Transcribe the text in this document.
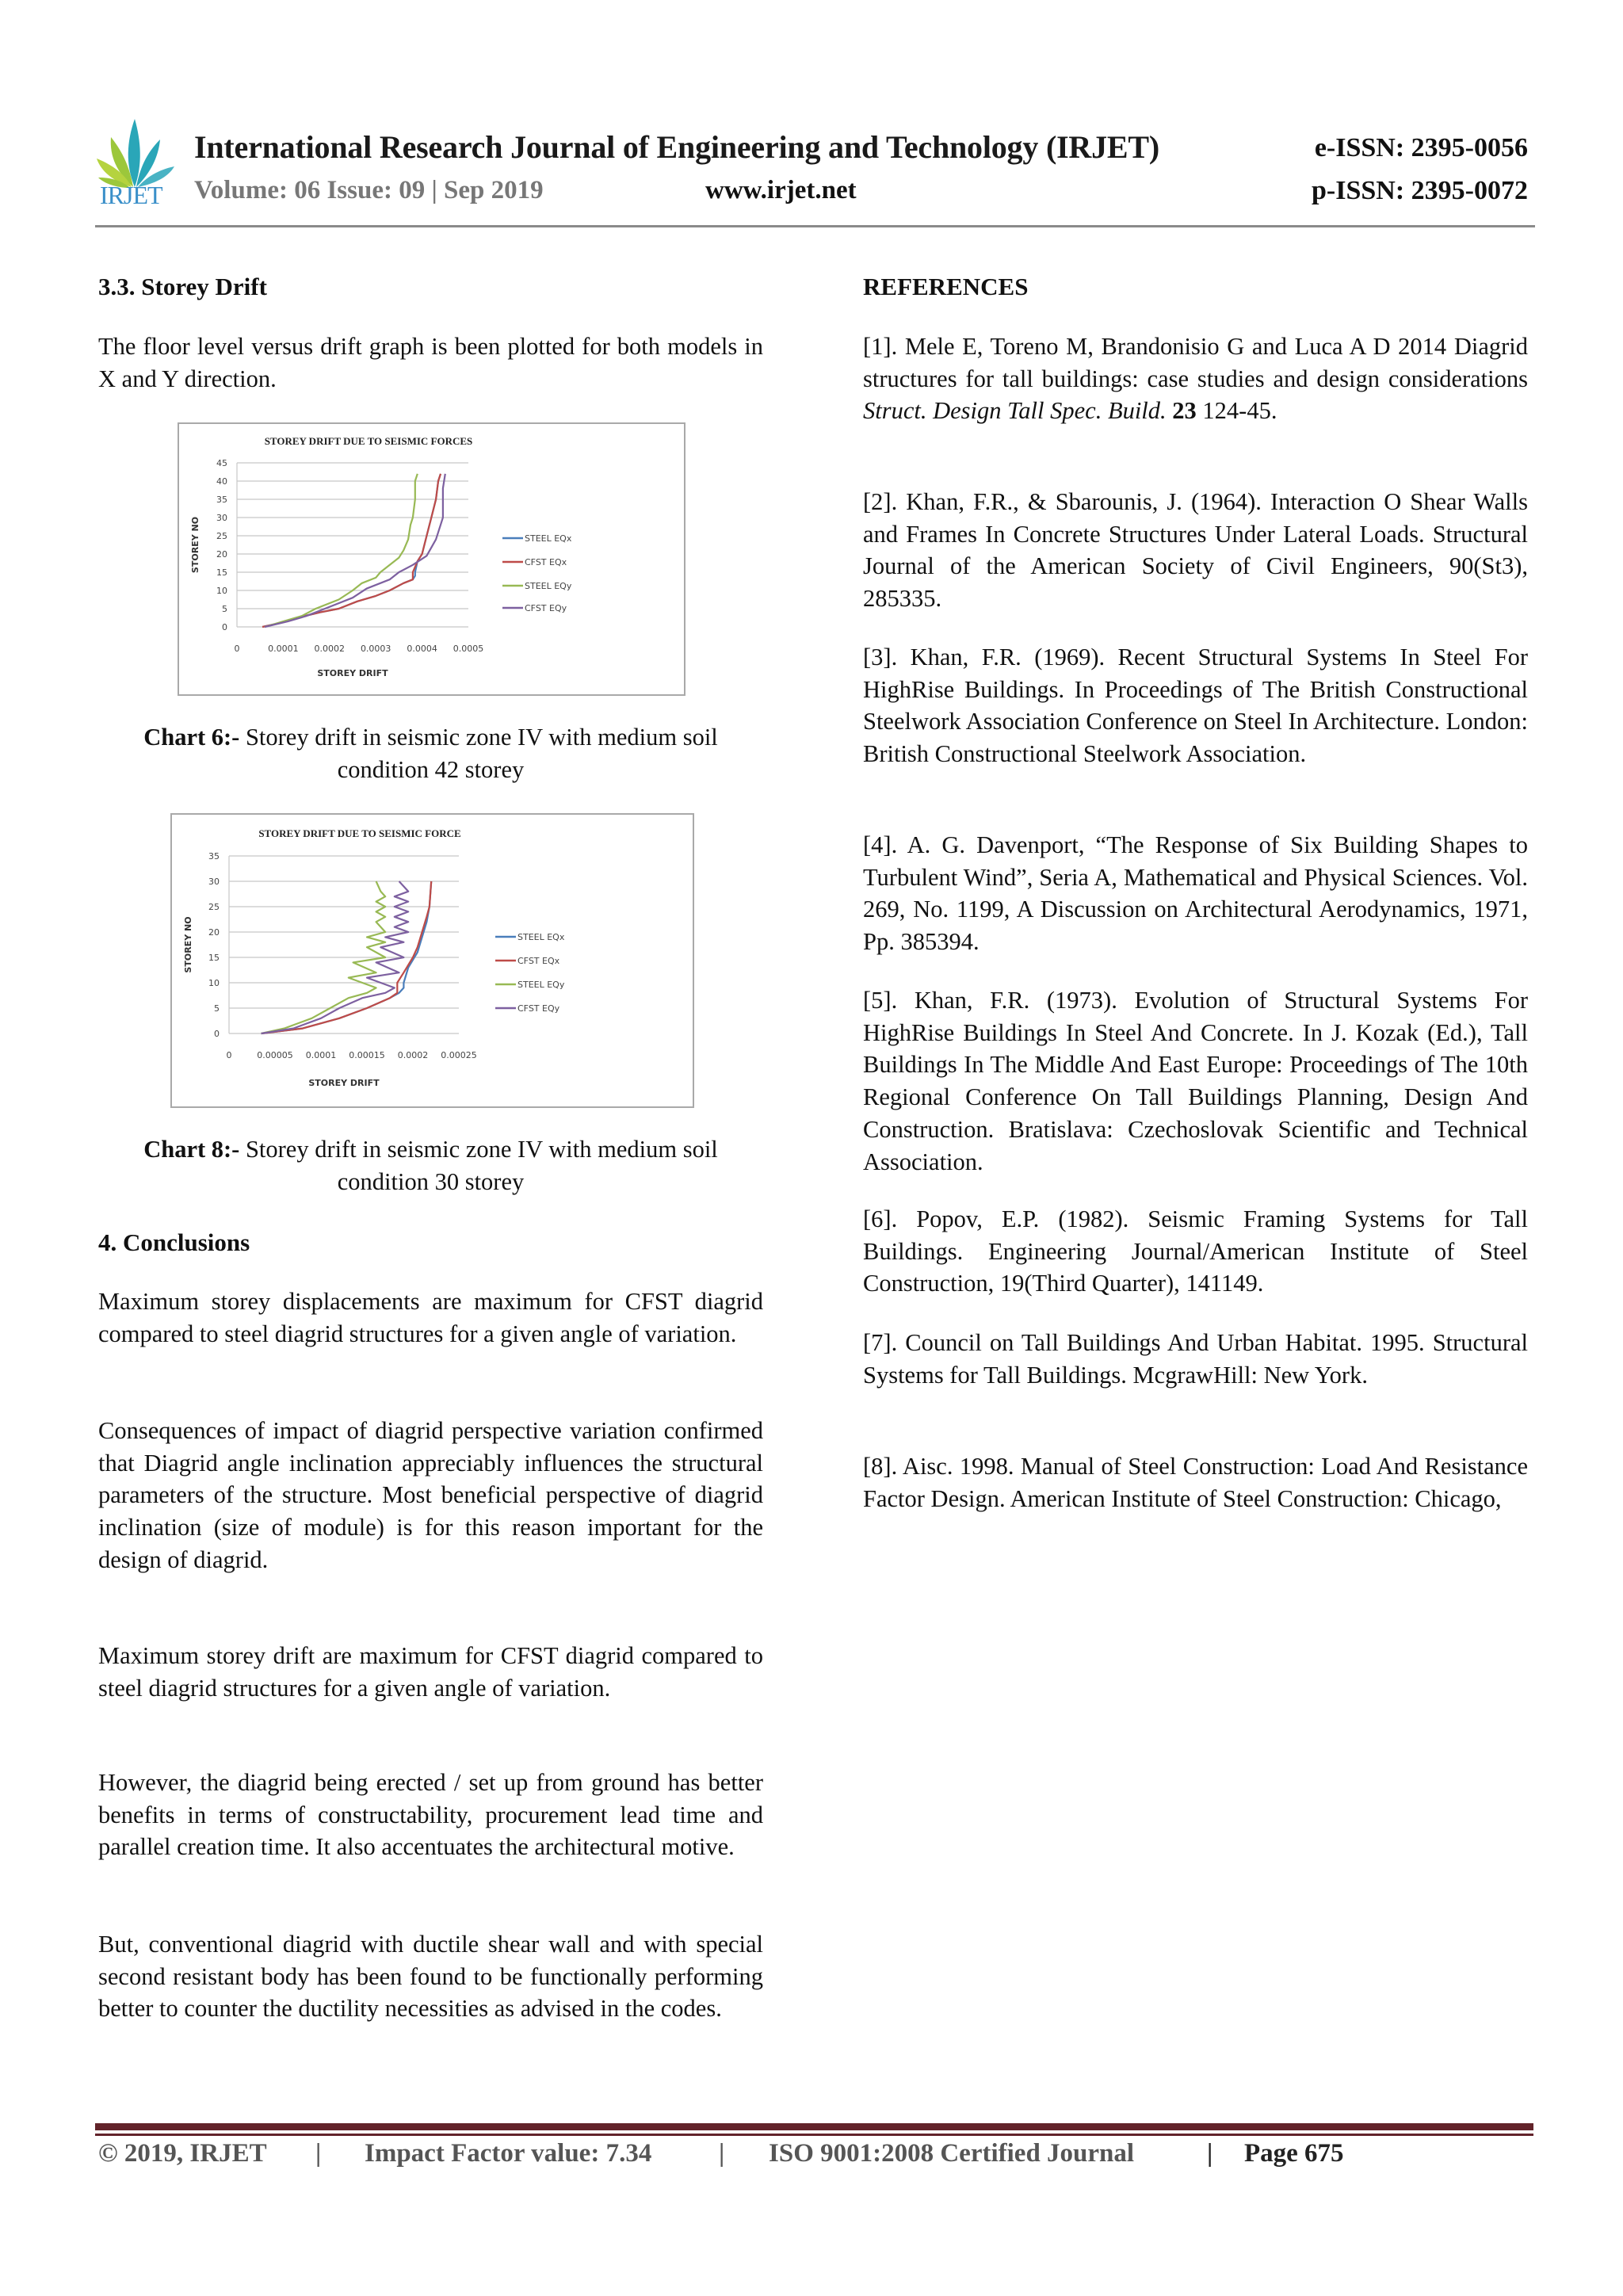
IRJET
International Research Journal of Engineering and Technology (IRJET)
Volume: 06 Issue: 09 | Sep 2019	www.irjet.net
e-ISSN: 2395-0056
p-ISSN: 2395-0072
3.3. Storey Drift

The floor level versus drift graph is been plotted for both models in X and Y direction.

STOREY DRIFT DUE TO SEISMIC FORCES
0
5
10
15
20
25
30
35
40
45
0	0.0001 0.0002 0.0003 0.0004 0.0005
STOREY DRIFT
STOREY NO	STEEL EQx
CFST EQx
STEEL EQy
CFST EQy
Chart 6:- Storey drift in seismic zone IV with medium soil condition 42 storey
STOREY DRIFT DUE TO SEISMIC FORCE
0
5
10
15
20
25
30
35
0	0.00005 0.0001 0.00015 0.0002 0.00025
STOREY DRIFT
STOREY NO	STEEL EQx
CFST EQx
STEEL EQy
CFST EQy
Chart 8:- Storey drift in seismic zone IV with medium soil condition 30 storey
4. Conclusions

Maximum storey displacements are maximum for CFST diagrid compared to steel diagrid structures for a given angle of variation.

Consequences of impact of diagrid perspective variation confirmed that Diagrid angle inclination appreciably influences the structural parameters of the structure. Most beneficial perspective of diagrid inclination (size of module) is for this reason important for the design of diagrid.

Maximum storey drift are maximum for CFST diagrid compared to steel diagrid structures for a given angle of variation.

However, the diagrid being erected / set up from ground has better benefits in terms of constructability, procurement lead time and parallel creation time. It also accentuates the architectural motive.

But, conventional diagrid with ductile shear wall and with special second resistant body has been found to be functionally performing better to counter the ductility necessities as advised in the codes.

REFERENCES

[1]. Mele E, Toreno M, Brandonisio G and Luca A D 2014 Diagrid structures for tall buildings: case studies and design considerations Struct. Design Tall Spec. Build. 23 124-45.

[2]. Khan, F.R., & Sbarounis, J. (1964). Interaction O Shear Walls and Frames In Concrete Structures Under Lateral Loads. Structural Journal of the American Society of Civil Engineers, 90(St3), 285335.

[3]. Khan, F.R. (1969). Recent Structural Systems In Steel For HighRise Buildings. In Proceedings of The British Constructional Steelwork Association Conference on Steel In Architecture. London: British Constructional Steelwork Association.

[4]. A. G. Davenport, “The Response of Six Building Shapes to Turbulent Wind”, Seria A, Mathematical and Physical Sciences. Vol. 269, No. 1199, A Discussion on Architectural Aerodynamics, 1971, Pp. 385394.

[5]. Khan, F.R. (1973). Evolution of Structural Systems For HighRise Buildings In Steel And Concrete. In J. Kozak (Ed.), Tall Buildings In The Middle And East Europe: Proceedings of The 10th Regional Conference On Tall Buildings Planning, Design And Construction. Bratislava: Czechoslovak Scientific and Technical Association.

[6]. Popov, E.P. (1982). Seismic Framing Systems for Tall Buildings. Engineering Journal/American Institute of Steel Construction, 19(Third Quarter), 141149.

[7]. Council on Tall Buildings And Urban Habitat. 1995. Structural Systems for Tall Buildings. McgrawHill: New York.

[8]. Aisc. 1998. Manual of Steel Construction: Load And Resistance Factor Design. American Institute of Steel Construction: Chicago,

© 2019, IRJET | Impact Factor value: 7.34	| ISO 9001:2008 Certified Journal	| Page 675
